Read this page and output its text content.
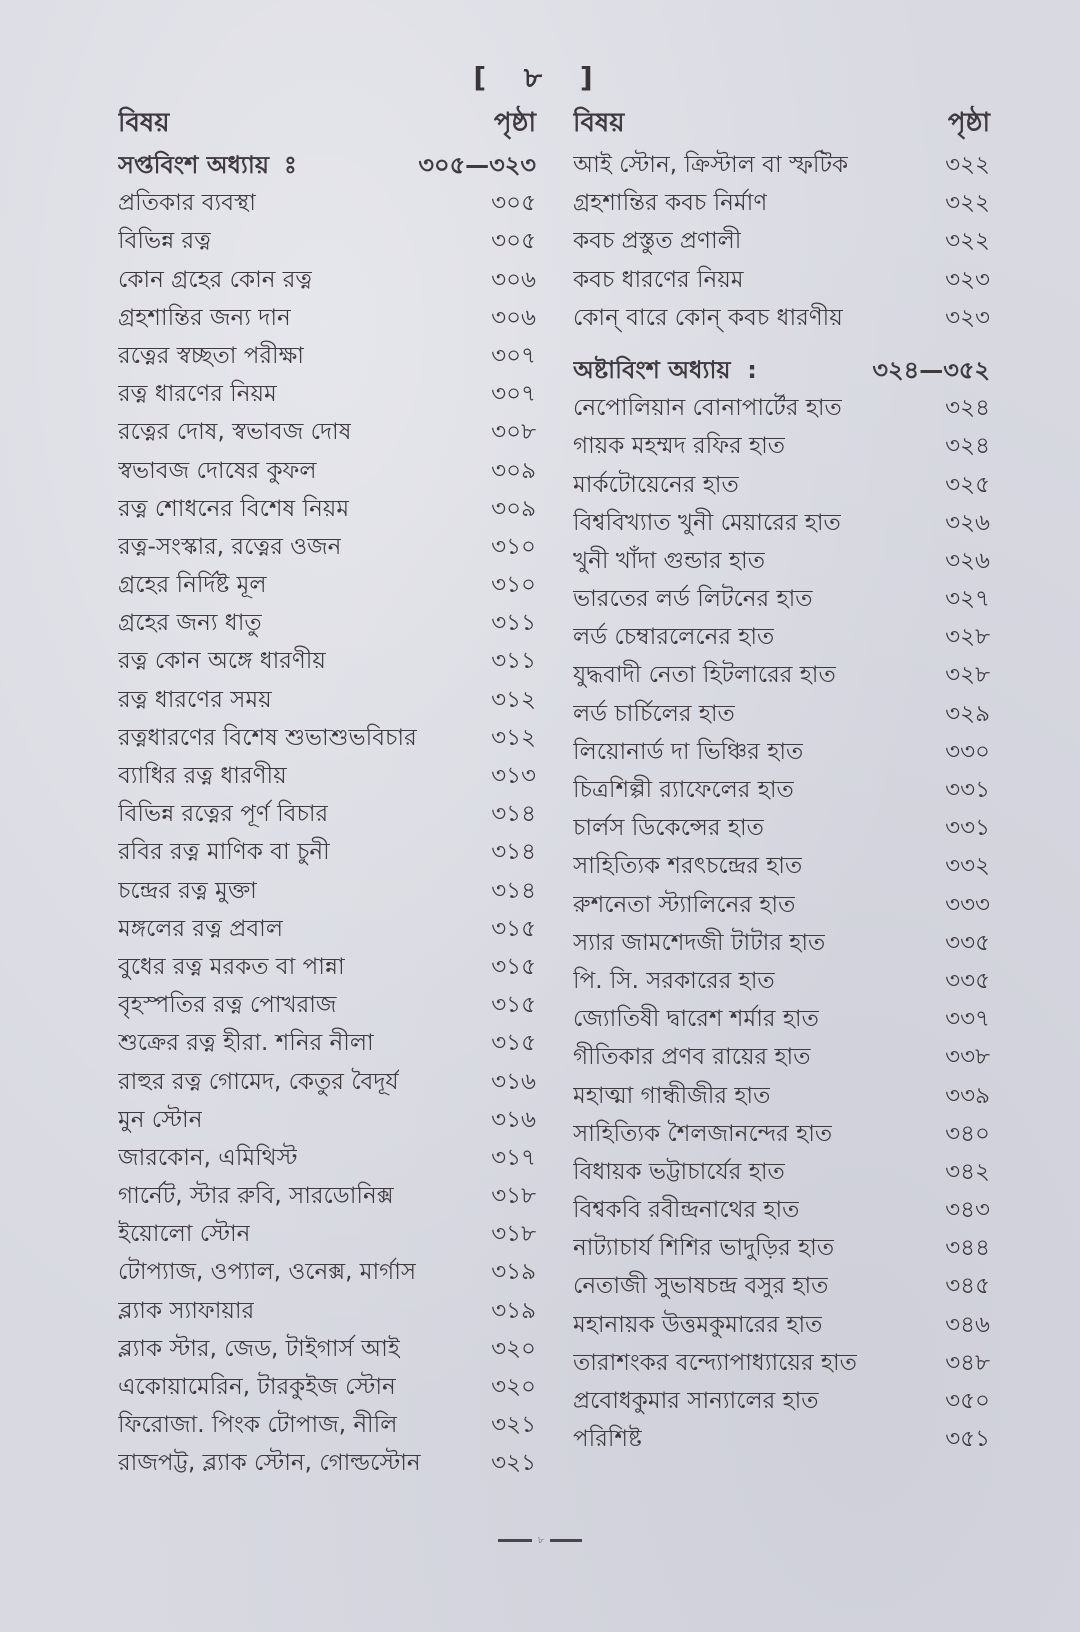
[ ৮ ]
বিষয়	পৃষ্ঠা
সপ্তবিংশ অধ্যায়	৩০৫—৩২৩
প্রতিকার ব্যবস্থা	৩০৫
বিভিন্ন রত্ন	৩০৫
কোন গ্রহের কোন রত্ন	৩০৬
গ্রহশান্তির জন্য দান	৩০৬
রত্নের স্বচ্ছতা পরীক্ষা	৩০৭
রত্ন ধারণের নিয়ম	৩০৭
রত্নের দোষ, স্বভাবজ দোষ	৩০৮
স্বভাবজ দোষের কুফল	৩০৯
রত্ন শোধনের বিশেষ নিয়ম	৩০৯
রত্ন-সংস্কার, রত্নের ওজন	৩১০
গ্রহের নির্দিষ্ট মূল	৩১০
গ্রহের জন্য ধাতু	৩১১
রত্ন কোন অঙ্গে ধারণীয়	৩১১
রত্ন ধারণের সময়	৩১২
রত্নধারণের বিশেষ শুভাশুভবিচার	৩১২
ব্যাধির রত্ন ধারণীয়	৩১৩
বিভিন্ন রত্নের পূর্ণ বিচার	৩১৪
রবির রত্ন মাণিক বা চুনী	৩১৪
চন্দ্রের রত্ন মুক্তা	৩১৪
মঙ্গলের রত্ন প্রবাল	৩১৫
বুধের রত্ন মরকত বা পান্না	৩১৫
বৃহস্পতির রত্ন পোখরাজ	৩১৫
শুক্রের রত্ন হীরা. শনির নীলা	৩১৫
রাহুর রত্ন গোমেদ, কেতুর বৈদূর্য	৩১৬
মুন স্টোন	৩১৬
জারকোন, এমিথিস্ট	৩১৭
গার্নেট, স্টার রুবি, সারডোনিক্স	৩১৮
ইয়োলো স্টোন	৩১৮
টোপ্যাজ, ওপ্যাল, ওনেক্স, মার্গাস	৩১৯
ব্ল্যাক স্যাফায়ার	৩১৯
ব্ল্যাক স্টার, জেড, টাইগার্স আই	৩২০
একোয়ামেরিন, টারকুইজ স্টোন	৩২০
ফিরোজা. পিংক টোপাজ, নীলি	৩২১
রাজপট্ট, ব্ল্যাক স্টোন, গোল্ডস্টোন	৩২১
বিষয়	পৃষ্ঠা
আই স্টোন, ক্রিস্টাল বা স্ফটিক	৩২২
গ্রহশান্তির কবচ নির্মাণ	৩২২
কবচ প্রস্তুত প্রণালী	৩২২
কবচ ধারণের নিয়ম	৩২৩
কোন্ বারে কোন্ কবচ ধারণীয়	৩২৩
অষ্টাবিংশ অধ্যায় :	৩২৪—৩৫২
নেপোলিয়ান বোনাপার্টের হাত	৩২৪
গায়ক মহম্মদ রফির হাত	৩২৪
মার্কটোয়েনের হাত	৩২৫
বিশ্ববিখ্যাত খুনী মেয়ারের হাত	৩২৬
খুনী খাঁদা গুন্ডার হাত	৩২৬
ভারতের লর্ড লিটনের হাত	৩২৭
লর্ড চেম্বারলেনের হাত	৩২৮
যুদ্ধবাদী নেতা হিটলারের হাত	৩২৮
লর্ড চার্চিলের হাত	৩২৯
লিয়োনার্ড দা ভিঞ্চির হাত	৩৩০
চিত্রশিল্পী র‍্যাফেলের হাত	৩৩১
চার্লস ডিকেন্সের হাত	৩৩১
সাহিত্যিক শরৎচন্দ্রের হাত	৩৩২
রুশনেতা স্ট্যালিনের হাত	৩৩৩
স্যার জামশেদজী টাটার হাত	৩৩৫
পি. সি. সরকারের হাত	৩৩৫
জ্যোতিষী দ্বারেশ শর্মার হাত	৩৩৭
গীতিকার প্রণব রায়ের হাত	৩৩৮
মহাত্মা গান্ধীজীর হাত	৩৩৯
সাহিত্যিক শৈলজানন্দের হাত	৩৪০
বিধায়ক ভট্টাচার্যের হাত	৩৪২
বিশ্বকবি রবীন্দ্রনাথের হাত	৩৪৩
নাট্যাচার্য শিশির ভাদুড়ির হাত	৩৪৪
নেতাজী সুভাষচন্দ্র বসুর হাত	৩৪৫
মহানায়ক উত্তমকুমারের হাত	৩৪৬
তারাশংকর বন্দ্যোপাধ্যায়ের হাত	৩৪৮
প্রবোধকুমার সান্যালের হাত	৩৫০
পরিশিষ্ট	৩৫১
৮
